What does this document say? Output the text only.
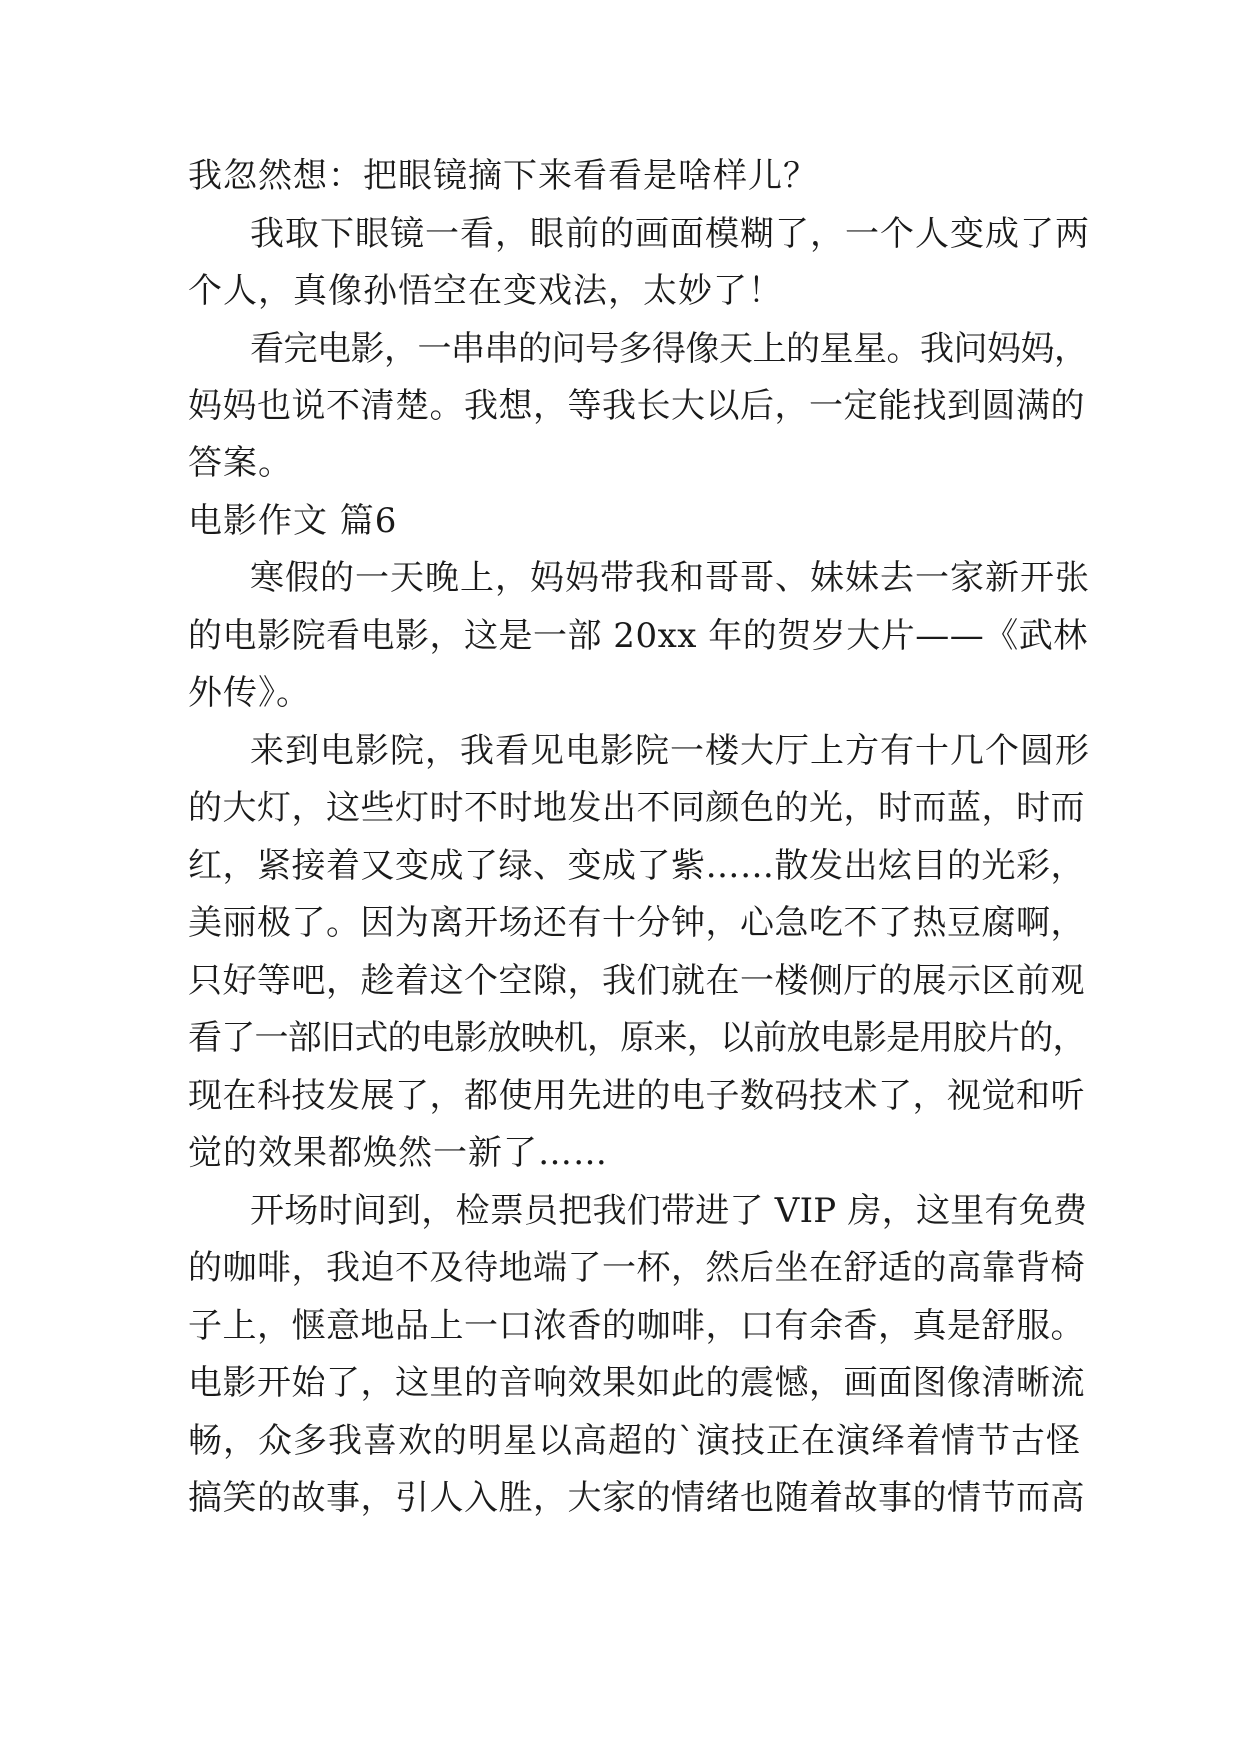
我忽然想：把眼镜摘下来看看是啥样儿？
我取下眼镜一看，眼前的画面模糊了，一个人变成了两
个人，真像孙悟空在变戏法，太妙了！
看完电影，一串串的问号多得像天上的星星。我问妈妈，
妈妈也说不清楚。我想，等我长大以后，一定能找到圆满的
答案。
电影作文 篇6
寒假的一天晚上，妈妈带我和哥哥、妹妹去一家新开张
的电影院看电影，这是一部 20xx 年的贺岁大片——《武林
外传》。
来到电影院，我看见电影院一楼大厅上方有十几个圆形
的大灯，这些灯时不时地发出不同颜色的光，时而蓝，时而
红，紧接着又变成了绿、变成了紫……散发出炫目的光彩，
美丽极了。因为离开场还有十分钟，心急吃不了热豆腐啊，
只好等吧，趁着这个空隙，我们就在一楼侧厅的展示区前观
看了一部旧式的电影放映机，原来，以前放电影是用胶片的，
现在科技发展了，都使用先进的电子数码技术了，视觉和听
觉的效果都焕然一新了……
开场时间到，检票员把我们带进了 VIP 房，这里有免费
的咖啡，我迫不及待地端了一杯，然后坐在舒适的高靠背椅
子上，惬意地品上一口浓香的咖啡，口有余香，真是舒服。
电影开始了，这里的音响效果如此的震憾，画面图像清晰流
畅，众多我喜欢的明星以高超的`演技正在演绎着情节古怪
搞笑的故事，引人入胜，大家的情绪也随着故事的情节而高
